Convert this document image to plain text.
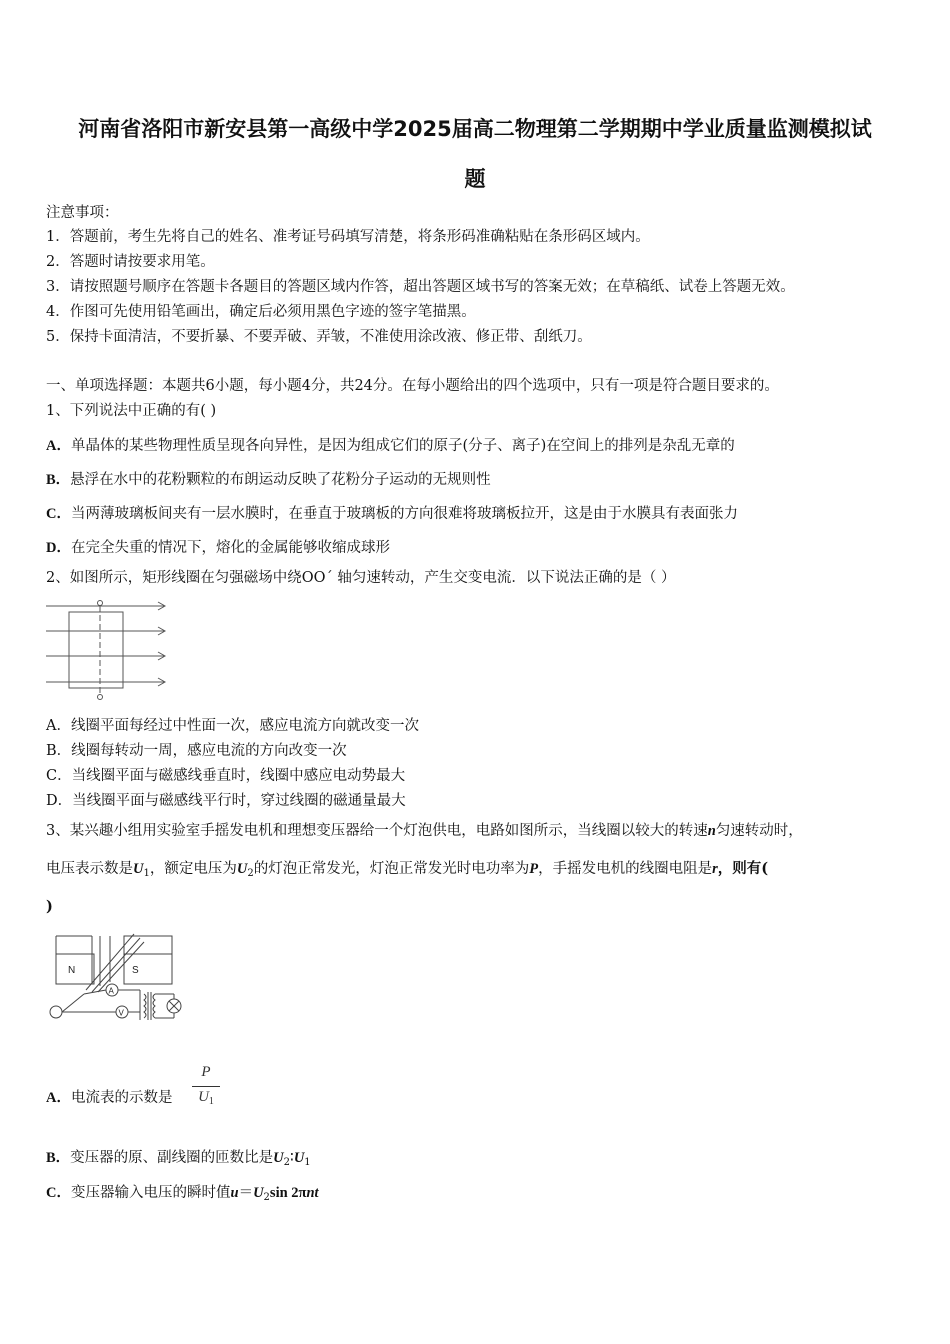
河南省洛阳市新安县第一高级中学2025届高二物理第二学期期中学业质量监测模拟试
题
注意事项：
1．答题前，考生先将自己的姓名、准考证号码填写清楚，将条形码准确粘贴在条形码区域内。
2．答题时请按要求用笔。
3．请按照题号顺序在答题卡各题目的答题区域内作答，超出答题区域书写的答案无效；在草稿纸、试卷上答题无效。
4．作图可先使用铅笔画出，确定后必须用黑色字迹的签字笔描黑。
5．保持卡面清洁，不要折暴、不要弄破、弄皱，不准使用涂改液、修正带、刮纸刀。
一、单项选择题：本题共6小题，每小题4分，共24分。在每小题给出的四个选项中，只有一项是符合题目要求的。
1、下列说法中正确的有( )
A．单晶体的某些物理性质呈现各向异性，是因为组成它们的原子(分子、离子)在空间上的排列是杂乱无章的
B．悬浮在水中的花粉颗粒的布朗运动反映了花粉分子运动的无规则性
C．当两薄玻璃板间夹有一层水膜时，在垂直于玻璃板的方向很难将玻璃板拉开，这是由于水膜具有表面张力
D．在完全失重的情况下，熔化的金属能够收缩成球形
2、如图所示，矩形线圈在匀强磁场中绕OO´ 轴匀速转动，产生交变电流．以下说法正确的是（ ）
A．线圈平面每经过中性面一次，感应电流方向就改变一次
B．线圈每转动一周，感应电流的方向改变一次
C．当线圈平面与磁感线垂直时，线圈中感应电动势最大
D．当线圈平面与磁感线平行时，穿过线圈的磁通量最大
3、某兴趣小组用实验室手摇发电机和理想变压器给一个灯泡供电，电路如图所示，当线圈以较大的转速n匀速转动时，
电压表示数是$U_1$，额定电压为$U_2$的灯泡正常发光，灯泡正常发光时电功率为P，手摇发电机的线圈电阻是r，则有(
)
N	S
A
V
A．电流表的示数是
P
$U_1$
B．变压器的原、副线圈的匝数比是$U_2∶U_1$
C．变压器输入电压的瞬时值$u=U_2\sin$ 2πnt
